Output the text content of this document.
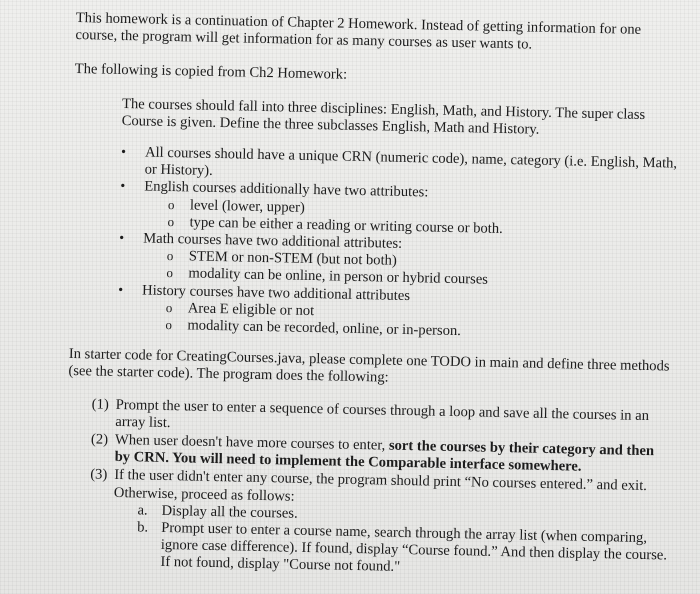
This homework is a continuation of Chapter 2 Homework. Instead of getting information for one course, the program will get information for as many courses as user wants to.

The following is copied from Ch2 Homework:

The courses should fall into three disciplines: English, Math, and History. The super class Course is given. Define the three subclasses English, Math and History.

• All courses should have a unique CRN (numeric code), name, category (i.e. English, Math, or History).
• English courses additionally have two attributes:
o level (lower, upper)
o type can be either a reading or writing course or both.
• Math courses have two additional attributes:
o STEM or non-STEM (but not both)
o modality can be online, in person or hybrid courses
• History courses have two additional attributes
o Area E eligible or not
o modality can be recorded, online, or in-person.

In starter code for CreatingCourses.java, please complete one TODO in main and define three methods (see the starter code). The program does the following:

(1) Prompt the user to enter a sequence of courses through a loop and save all the courses in an array list.
(2) When user doesn't have more courses to enter, sort the courses by their category and then by CRN. You will need to implement the Comparable interface somewhere.
(3) If the user didn't enter any course, the program should print “No courses entered.” and exit. Otherwise, proceed as follows:
a. Display all the courses.
b. Prompt user to enter a course name, search through the array list (when comparing, ignore case difference). If found, display “Course found.” And then display the course. If not found, display "Course not found."
